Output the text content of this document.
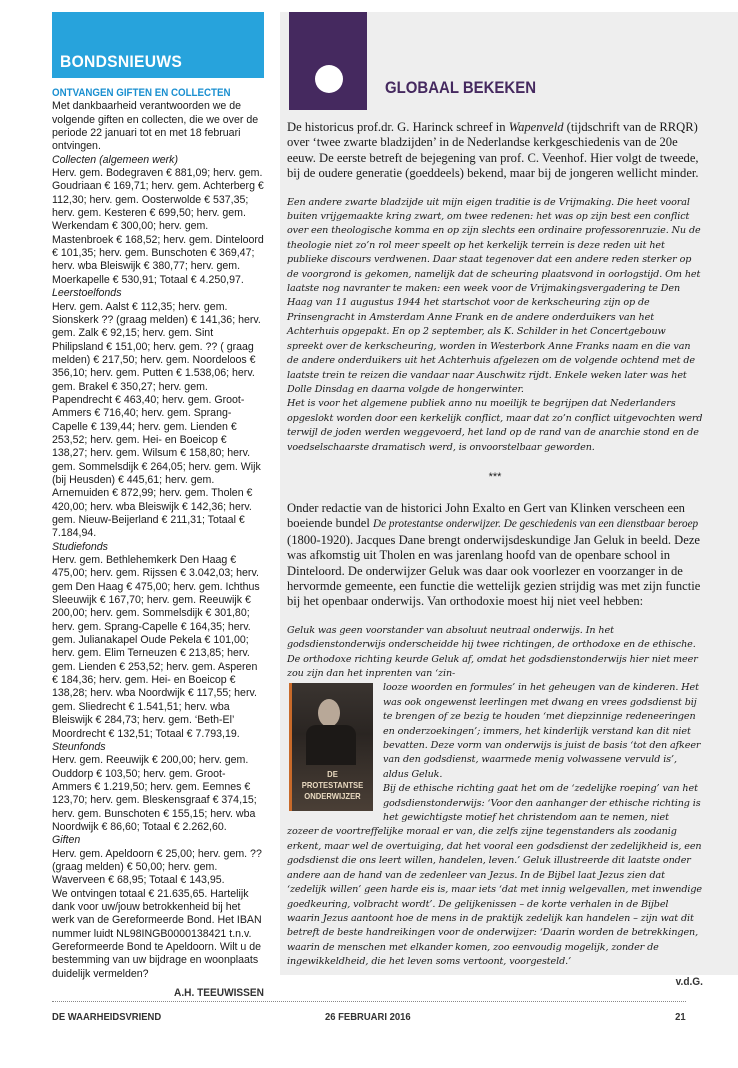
BONDSNIEUWS
ONTVANGEN GIFTEN EN COLLECTEN

Met dankbaarheid verantwoorden we de volgende giften en collecten, die we over de periode 22 januari tot en met 18 februari ontvingen.

Collecten (algemeen werk)

Herv. gem. Bodegraven € 881,09; herv. gem. Goudriaan € 169,71; herv. gem. Achterberg € 112,30; herv. gem. Oosterwolde € 537,35; herv. gem. Kesteren € 699,50; herv. gem. Werkendam € 300,00; herv. gem. Mastenbroek € 168,52; herv. gem. Dinteloord € 101,35; herv. gem. Bunschoten € 369,47; herv. wba Bleiswijk € 380,77; herv. gem. Moerkapelle € 530,91; Totaal € 4.250,97.

Leerstoelfonds

Herv. gem. Aalst € 112,35; herv. gem. Sionskerk ?? (graag melden) € 141,36; herv. gem. Zalk € 92,15; herv. gem. Sint Philipsland € 151,00; herv. gem. ?? ( graag melden) € 217,50; herv. gem. Noordeloos € 356,10; herv. gem. Putten € 1.538,06; herv. gem. Brakel € 350,27; herv. gem. Papendrecht € 463,40; herv. gem. Groot-Ammers € 716,40; herv. gem. Sprang-Capelle € 139,44; herv. gem. Lienden € 253,52; herv. gem. Hei- en Boeicop € 138,27; herv. gem. Wilsum € 158,80; herv. gem. Sommelsdijk € 264,05; herv. gem. Wijk (bij Heusden) € 445,61; herv. gem. Arnemuiden € 872,99; herv. gem. Tholen € 420,00; herv. wba Bleiswijk € 142,36; herv. gem. Nieuw-Beijerland € 211,31; Totaal € 7.184,94.

Studiefonds

Herv. gem. Bethlehemkerk Den Haag € 475,00; herv. gem. Rijssen € 3.042,03; herv. gem Den Haag € 475,00; herv. gem. Ichthus Sleeuwijk € 167,70; herv. gem. Reeuwijk € 200,00; herv. gem. Sommelsdijk € 301,80; herv. gem. Sprang-Capelle € 164,35; herv. gem. Julianakapel Oude Pekela € 101,00; herv. gem. Elim Terneuzen € 213,85; herv. gem. Lienden € 253,52; herv. gem. Asperen € 184,36; herv. gem. Hei- en Boeicop € 138,28; herv. wba Noordwijk € 117,55; herv. gem. Sliedrecht € 1.541,51; herv. wba Bleiswijk € 284,73; herv. gem. ‘Beth-El’ Moordrecht € 132,51; Totaal € 7.793,19.

Steunfonds

Herv. gem. Reeuwijk € 200,00; herv. gem. Ouddorp € 103,50; herv. gem. Groot-Ammers € 1.219,50; herv. gem. Eemnes € 123,70; herv. gem. Bleskensgraaf € 374,15; herv. gem. Bunschoten € 155,15; herv. wba Noordwijk € 86,60; Totaal € 2.262,60.

Giften

Herv. gem. Apeldoorn € 25,00; herv. gem. ?? (graag melden) € 50,00; herv. gem. Waverveen € 68,95; Totaal € 143,95.

We ontvingen totaal € 21.635,65. Hartelijk dank voor uw/jouw betrokkenheid bij het werk van de Gereformeerde Bond. Het IBAN nummer luidt NL98INGB0000138421 t.n.v. Gereformeerde Bond te Apeldoorn. Wilt u de bestemming van uw bijdrage en woonplaats duidelijk vermelden?

A.H. TEEUWISSEN
GLOBAAL BEKEKEN

De historicus prof.dr. G. Harinck schreef in Wapenveld (tijdschrift van de RRQR) over ‘twee zwarte bladzijden’ in de Nederlandse kerkgeschiedenis van de 20e eeuw. De eerste betreft de bejegening van prof. C. Veenhof. Hier volgt de tweede, bij de oudere generatie (goeddeels) bekend, maar bij de jongeren wellicht minder.

Een andere zwarte bladzijde uit mijn eigen traditie is de Vrijmaking. Die heet vooral buiten vrijgemaakte kring zwart, om twee redenen: het was op zijn best een conflict over een theologische komma en op zijn slechts een ordinaire professorenruzie. Nu de theologie niet zo’n rol meer speelt op het kerkelijk terrein is deze reden uit het publieke discours verdwenen. Daar staat tegenover dat een andere reden sterker op de voorgrond is gekomen, namelijk dat de scheuring plaatsvond in oorlogstijd. Om het laatste nog navranter te maken: een week voor de Vrijmakingsvergadering te Den Haag van 11 augustus 1944 het startschot voor de kerkscheuring zijn op de Prinsengracht in Amsterdam Anne Frank en de andere onderduikers van het Achterhuis opgepakt. En op 2 september, als K. Schilder in het Concertgebouw spreekt over de kerkscheuring, worden in Westerbork Anne Franks naam en die van de andere onderduikers uit het Achterhuis afgelezen om de volgende ochtend met de laatste trein te reizen die vandaar naar Auschwitz rijdt. Enkele weken later was het Dolle Dinsdag en daarna volgde de hongerwinter.

Het is voor het algemene publiek anno nu moeilijk te begrijpen dat Nederlanders opgeslokt worden door een kerkelijk conflict, maar dat zo’n conflict uitgevochten werd terwijl de joden werden weggevoerd, het land op de rand van de anarchie stond en de voedselschaarste dramatisch werd, is onvoorstelbaar geworden.

***

Onder redactie van de historici John Exalto en Gert van Klinken verscheen een boeiende bundel De protestantse onderwijzer. De geschiedenis van een dienstbaar beroep (1800-1920). Jacques Dane brengt onderwijsdeskundige Jan Geluk in beeld. Deze was afkomstig uit Tholen en was jarenlang hoofd van de openbare school in Dinteloord. De onderwijzer Geluk was daar ook voorlezer en voorzanger in de hervormde gemeente, een functie die wettelijk gezien strijdig was met zijn functie bij het openbaar onderwijs. Van orthodoxie moest hij niet veel hebben:

Geluk was geen voorstander van absoluut neutraal onderwijs. In het godsdienstonderwijs onderscheidde hij twee richtingen, de orthodoxe en de ethische. De orthodoxe richting keurde Geluk af, omdat het godsdienstonderwijs hier niet meer zou zijn dan het inprenten van ‘zin-

DE PROTESTANTSE ONDERWIJZER

looze woorden en formules’ in het geheugen van de kinderen. Het was ook ongewenst leerlingen met dwang en vrees godsdienst bij te brengen of ze bezig te houden ‘met diepzinnige redeneeringen en onderzoekingen’; immers, het kinderlijk verstand kan dit niet bevatten. Deze vorm van onderwijs is juist de basis ‘tot den afkeer van den godsdienst, waarmede menig volwassene vervuld is’, aldus Geluk.

Bij de ethische richting gaat het om de ‘zedelijke roeping’ van het godsdienstonderwijs: ‘Voor den aanhanger der ethische richting is het gewichtigste motief het christendom aan te nemen, niet zozeer de voortreffelijke moraal er van, die zelfs zijne tegenstanders als zoodanig erkent, maar wel de overtuiging, dat het vooral een godsdienst der zedelijkheid is, een godsdienst die ons leert willen, handelen, leven.’ Geluk illustreerde dit laatste onder andere aan de hand van de zedenleer van Jezus. In de Bijbel laat Jezus zien dat ‘zedelijk willen’ geen harde eis is, maar iets ‘dat met innig welgevallen, met inwendige goedkeuring, volbracht wordt’. De gelijkenissen – de korte verhalen in de Bijbel waarin Jezus aantoont hoe de mens in de praktijk zedelijk kan handelen – zijn wat dit betreft de beste handreikingen voor de onderwijzer: ‘Daarin worden de betrekkingen, waarin de menschen met elkander komen, zoo eenvoudig mogelijk, zonder de ingewikkeldheid, die het leven soms vertoont, voorgesteld.’

v.d.G.
DE WAARHEIDSVRIEND	26 FEBRUARI 2016	21
